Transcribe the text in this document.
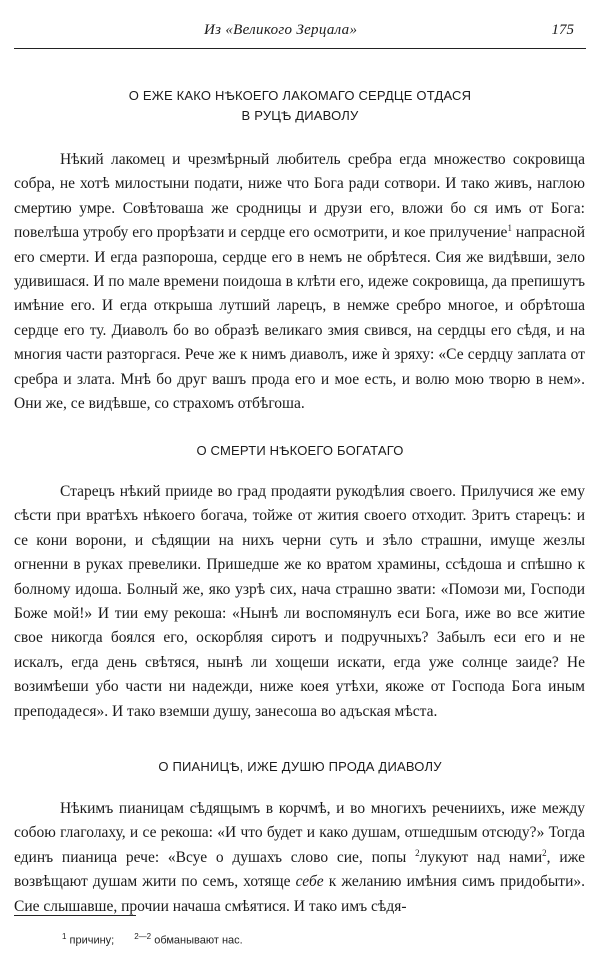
Из «Великого Зерцала»	175
О ЕЖЕ КАКО НѢКОЕГО ЛАКОМАГО СЕРДЦЕ ОТДАСЯ
В РУЦѢ ДИАВОЛУ

Нѣкий лакомец и чрезмѣрный любитель сребра егда множество сокровища собра, не хотѣ милостыни подати, ниже что Бога ради сотвори. И тако живъ, наглою смертию умре. Совѣтоваша же сродницы и друзи его, вложи бо ся имъ от Бога: повелѣша утробу его прорѣзати и сердце его осмотрити, и кое прилучение$^1$ напрасной его смерти. И егда разпороша, сердце его в немъ не обрѣтеся. Сия же видѣвши, зело удивишася. И по мале времени поидоша в клѣти его, идеже сокровища, да препишутъ имѣние его. И егда открыша лутший ларецъ, в немже сребро многое, и обрѣтоша сердце его ту. Диаволъ бо во образѣ великаго змия свився, на сердцы его сѣдя, и на многия части разторгася. Рече же к нимъ диаволъ, иже ѝ зряху: «Се сердцу заплата от сребра и злата. Мнѣ бо друг вашъ прода его и мое есть, и волю мою творю в нем». Они же, се видѣвше, со страхомъ отбѣгоша.

О СМЕРТИ НѢКОЕГО БОГАТАГО

Старецъ нѣкий прииде во град продаяти рукодѣлия своего. Прилучися же ему сѣсти при вратѣхъ нѣкоего богача, тойже от жития своего отходит. Зритъ старецъ: и се кони ворони, и сѣдящии на нихъ черни суть и зѣло страшни, имуще жезлы огненни в руках превелики. Пришедше же ко вратом храмины, ссѣдоша и спѣшно к болному идоша. Болный же, яко узрѣ сих, нача страшно звати: «Помози ми, Господи Боже мой!» И тии ему рекоша: «Нынѣ ли воспомянулъ еси Бога, иже во все житие свое никогда боялся его, оскорбляя сиротъ и подручныхъ? Забылъ еси его и не искалъ, егда день свѣтяся, нынѣ ли хощеши искати, егда уже солнце заиде? Не возимѣеши убо части ни надежди, ниже коея утѣхи, якоже от Господа Бога иным преподадеся». И тако вземши душу, занесоша во адъская мѣста.

О ПИАНИЦѢ, ИЖЕ ДУШЮ ПРОДА ДИАВОЛУ

Нѣкимъ пианицам сѣдящымъ в корчмѣ, и во многихъ речениихъ, иже между собою глаголаху, и се рекоша: «И что будет и како душам, отшедшым отсюду?» Тогда единъ пианица рече: «Всуе о душахъ слово сие, попы $^2$лукуют над нами$^2$, иже возвѣщают душам жити по семъ, хотяще себе к желанию имѣния симъ придобыти». Сие слышавше, прочии начаша смѣятися. И тако имъ сѣдя-

$^1$ причину;	$^{2—2}$ обманывают нас.
